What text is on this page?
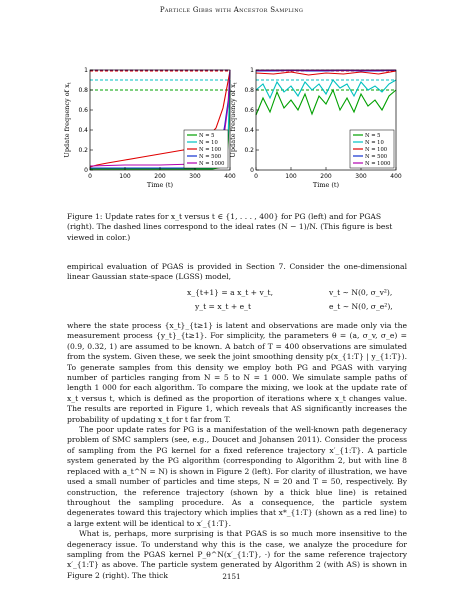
Particle Gibbs with Ancestor Sampling
0	100	200	300	400
0
0.2
0.4
0.6
0.8
1
Time (t)
Update frequency of $x_t$
N = 5
N = 10
N = 100
N = 500
N = 1000
0	100	200	300	400
0
0.2
0.4
0.6
0.8
1
Time (t)
Update frequency of $x_t$
N = 5
N = 10
N = 100
N = 500
N = 1000
Figure 1: Update rates for x_t versus t ∈ {1, . . . , 400} for PG (left) and for PGAS (right). The dashed lines correspond to the ideal rates (N − 1)/N. (This figure is best viewed in color.)

empirical evaluation of PGAS is provided in Section 7. Consider the one-dimensional linear Gaussian state-space (LGSS) model,

x_{t+1} = a x_t + v_t,	v_t ∼ N(0, σ_v²),
y_t = x_t + e_t	e_t ∼ N(0, σ_e²),

where the state process {x_t}_{t≥1} is latent and observations are made only via the measurement process {y_t}_{t≥1}. For simplicity, the parameters θ = (a, σ_v, σ_e) = (0.9, 0.32, 1) are assumed to be known. A batch of T = 400 observations are simulated from the system. Given these, we seek the joint smoothing density p(x_{1:T} | y_{1:T}). To generate samples from this density we employ both PG and PGAS with varying number of particles ranging from N = 5 to N = 1 000. We simulate sample paths of length 1 000 for each algorithm. To compare the mixing, we look at the update rate of x_t versus t, which is defined as the proportion of iterations where x_t changes value. The results are reported in Figure 1, which reveals that AS significantly increases the probability of updating x_t for t far from T.

The poor update rates for PG is a manifestation of the well-known path degeneracy problem of SMC samplers (see, e.g., Doucet and Johansen 2011). Consider the process of sampling from the PG kernel for a fixed reference trajectory x′_{1:T}. A particle system generated by the PG algorithm (corresponding to Algorithm 2, but with line 8 replaced with a_t^N = N) is shown in Figure 2 (left). For clarity of illustration, we have used a small number of particles and time steps, N = 20 and T = 50, respectively. By construction, the reference trajectory (shown by a thick blue line) is retained throughout the sampling procedure. As a consequence, the particle system degenerates toward this trajectory which implies that x*_{1:T} (shown as a red line) to a large extent will be identical to x′_{1:T}.

What is, perhaps, more surprising is that PGAS is so much more insensitive to the degeneracy issue. To understand why this is the case, we analyze the procedure for sampling from the PGAS kernel P_θ^N(x′_{1:T}, ·) for the same reference trajectory x′_{1:T} as above. The particle system generated by Algorithm 2 (with AS) is shown in Figure 2 (right). The thick	2151
